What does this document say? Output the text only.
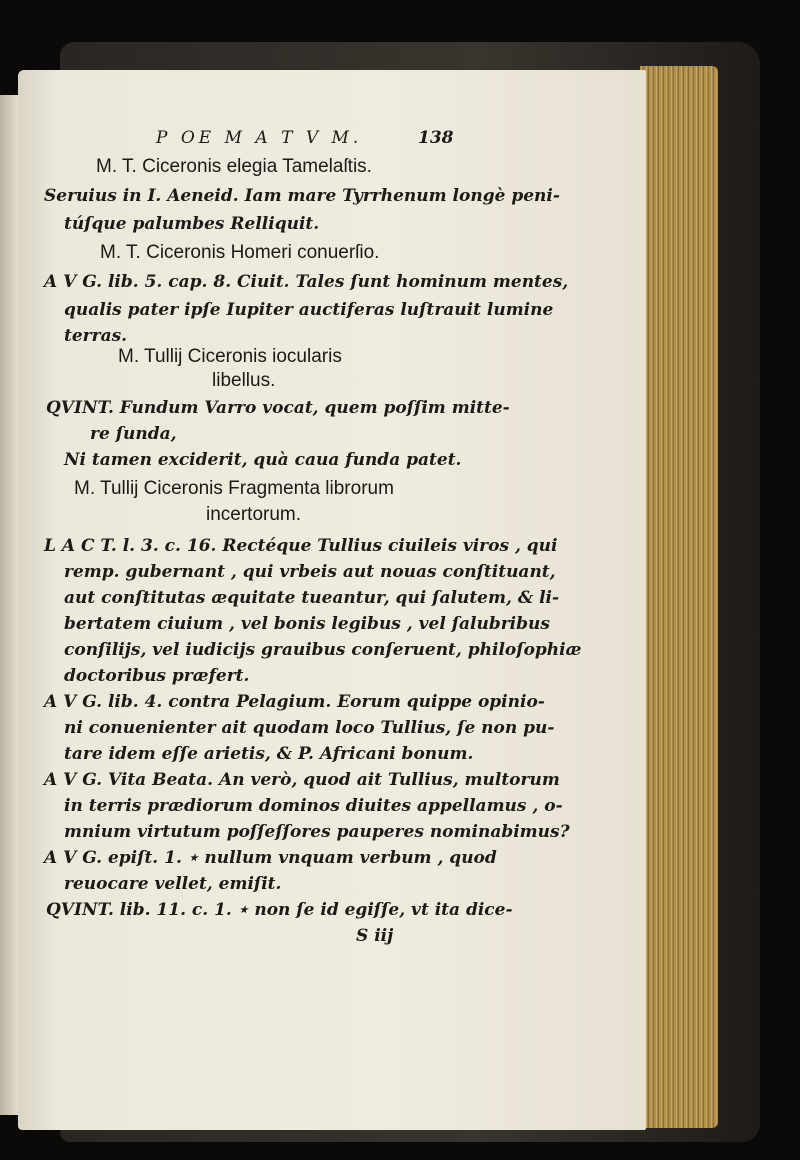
P OE M A T V M.	138
M. T. Ciceronis elegia Tamelaſtis.
Seruius in I. Aeneid. Iam mare Tyrrhenum longè peni-
túſque palumbes Relliquit.
M. T. Ciceronis Homeri conuerſio.
A V G. lib. 5. cap. 8. Ciuit. Tales ſunt hominum mentes,
qualis pater ipſe Iupiter auctiferas luſtrauit lumine
terras.
M. Tullij Ciceronis iocularis
libellus.
QVINT. Fundum Varro vocat, quem poſſim mitte-
re ſunda,
Ni tamen exciderit, quà caua funda patet.
M. Tullij Ciceronis Fragmenta librorum
incertorum.
L A C T. l. 3. c. 16. Rectéque Tullius ciuileis viros , qui
remp. gubernant , qui vrbeis aut nouas conſtituant,
aut conſtitutas æquitate tueantur, qui ſalutem, & li-
bertatem ciuium , vel bonis legibus , vel ſalubribus
conſilijs, vel iudicijs grauibus conſeruent, philoſophiæ
doctoribus præfert.
A V G. lib. 4. contra Pelagium. Eorum quippe opinio-
ni conuenienter ait quodam loco Tullius, ſe non pu-
tare idem eſſe arietis, & P. Africani bonum.
A V G. Vita Beata. An verò, quod ait Tullius, multorum
in terris prædiorum dominos diuites appellamus , o-
mnium virtutum poſſeſſores pauperes nominabimus?
A V G. epiſt. 1. ⋆ nullum vnquam verbum , quod
reuocare vellet, emiſit.
QVINT. lib. 11. c. 1. ⋆ non ſe id egiſſe, vt ita dice-
S iij
